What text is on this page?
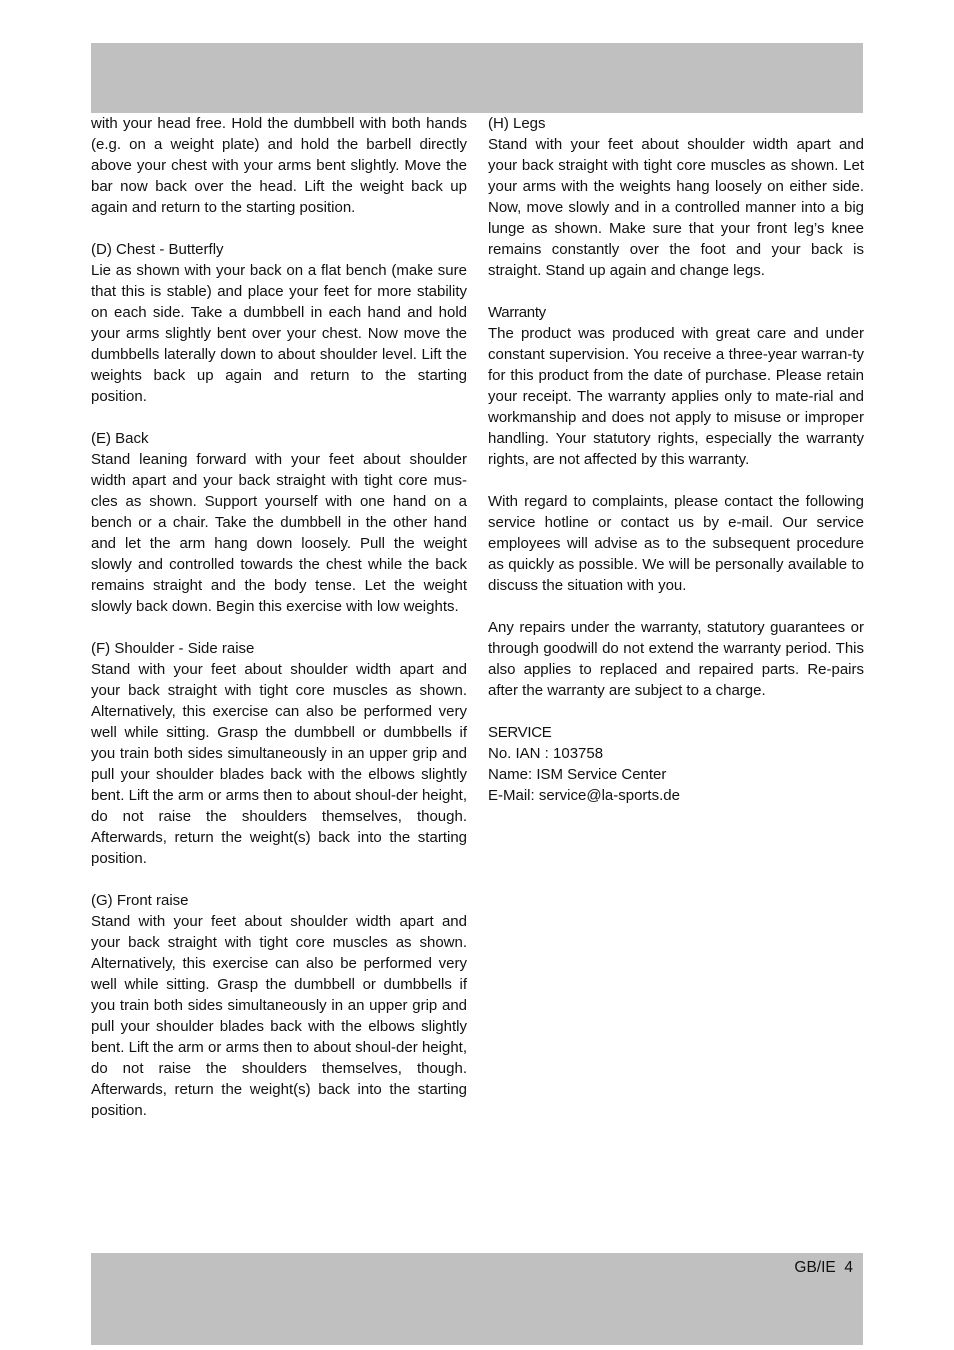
with your head free. Hold the dumbbell with both hands (e.g. on a weight plate) and hold the barbell directly above your chest with your arms bent slightly. Move the bar now back over the head. Lift the weight back up again and return to the starting position.
(D) Chest - Butterfly
Lie as shown with your back on a flat bench (make sure that this is stable) and place your feet for more stability on each side. Take a dumbbell in each hand and hold your arms slightly bent over your chest. Now move the dumbbells laterally down to about shoulder level. Lift the weights back up again and return to the starting position.
(E) Back
Stand leaning forward with your feet about shoulder width apart and your back straight with tight core mus-cles as shown. Support yourself with one hand on a bench or a chair. Take the dumbbell in the other hand and let the arm hang down loosely. Pull the weight slowly and controlled towards the chest while the back remains straight and the body tense. Let the weight slowly back down. Begin this exercise with low weights.
(F) Shoulder - Side raise
Stand with your feet about shoulder width apart and your back straight with tight core muscles as shown. Alternatively, this exercise can also be performed very well while sitting. Grasp the dumbbell or dumbbells if you train both sides simultaneously in an upper grip and pull your shoulder blades back with the elbows slightly bent. Lift the arm or arms then to about shoul-der height, do not raise the shoulders themselves, though. Afterwards, return the weight(s) back into the starting position.
(G) Front raise
Stand with your feet about shoulder width apart and your back straight with tight core muscles as shown. Alternatively, this exercise can also be performed very well while sitting. Grasp the dumbbell or dumbbells if you train both sides simultaneously in an upper grip and pull your shoulder blades back with the elbows slightly bent. Lift the arm or arms then to about shoul-der height, do not raise the shoulders themselves, though. Afterwards, return the weight(s) back into the starting position.
(H) Legs
Stand with your feet about shoulder width apart and your back straight with tight core muscles as shown. Let your arms with the weights hang loosely on either side. Now, move slowly and in a controlled manner into a big lunge as shown. Make sure that your front leg’s knee remains constantly over the foot and your back is straight. Stand up again and change legs.
Warranty
The product was produced with great care and under constant supervision. You receive a three-year warran-ty for this product from the date of purchase. Please retain your receipt. The warranty applies only to mate-rial and workmanship and does not apply to misuse or improper handling. Your statutory rights, especially the warranty rights, are not affected by this warranty.
With regard to complaints, please contact the following service hotline or contact us by e-mail. Our service employees will advise as to the subsequent procedure as quickly as possible. We will be personally available to discuss the situation with you.
Any repairs under the warranty, statutory guarantees or through goodwill do not extend the warranty period. This also applies to replaced and repaired parts. Re-pairs after the warranty are subject to a charge.
SERVICE
No. IAN : 103758
Name: ISM Service Center
E-Mail: service@la-sports.de
GB/IE  4
